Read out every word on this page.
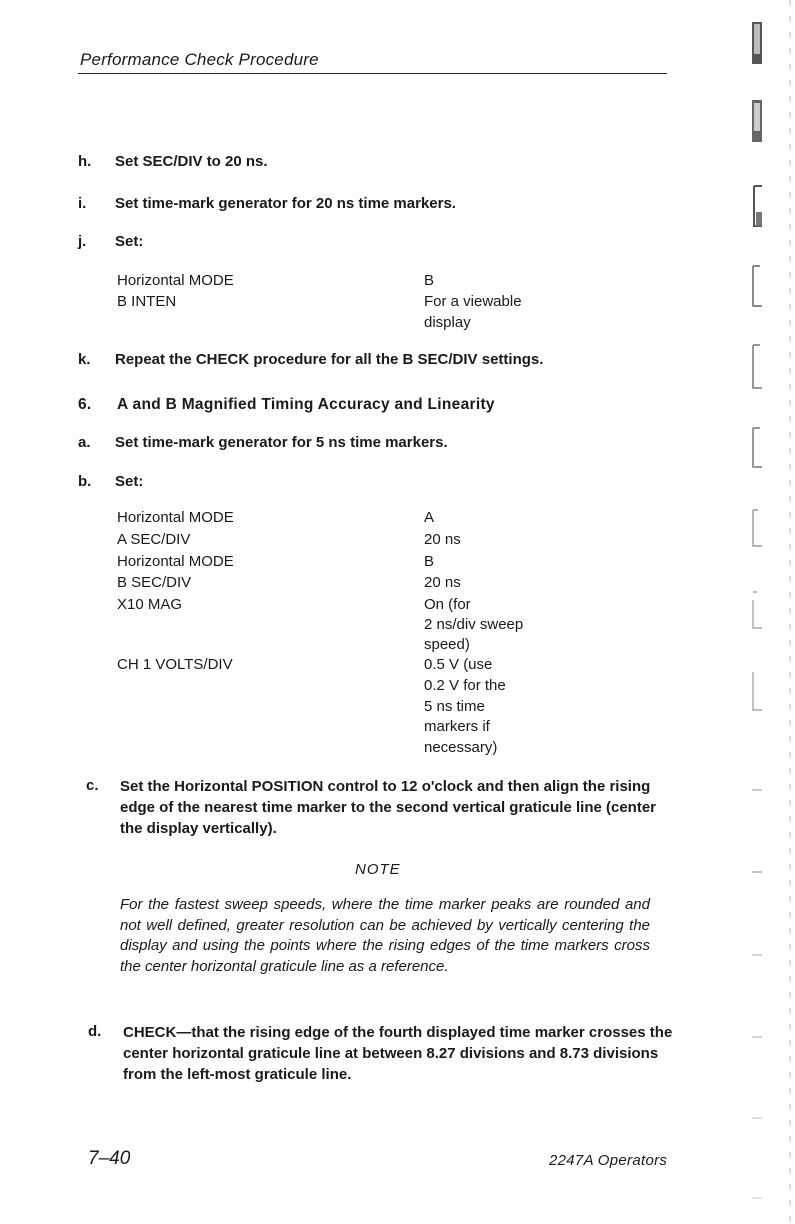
Performance Check Procedure
h. Set SEC/DIV to 20 ns.
i. Set time-mark generator for 20 ns time markers.
j. Set:
Horizontal MODE	B
B INTEN	For a viewable
display
k. Repeat the CHECK procedure for all the B SEC/DIV settings.
6. A and B Magnified Timing Accuracy and Linearity
a. Set time-mark generator for 5 ns time markers.
b. Set:
Horizontal MODE	A
A SEC/DIV	20 ns
Horizontal MODE	B
B SEC/DIV	20 ns
X10 MAG	On (for
2 ns/div sweep
speed)
CH 1 VOLTS/DIV	0.5 V (use
0.2 V for the
5 ns time
markers if
necessary)
c. Set the Horizontal POSITION control to 12 o'clock and then align the rising edge of the nearest time marker to the second vertical graticule line (center the display vertically).
NOTE
For the fastest sweep speeds, where the time marker peaks are rounded and not well defined, greater resolution can be achieved by vertically centering the display and using the points where the rising edges of the time markers cross the center horizontal graticule line as a reference.
d. CHECK—that the rising edge of the fourth displayed time marker crosses the center horizontal graticule line at between 8.27 divisions and 8.73 divisions from the left-most graticule line.
7–40	2247A Operators
